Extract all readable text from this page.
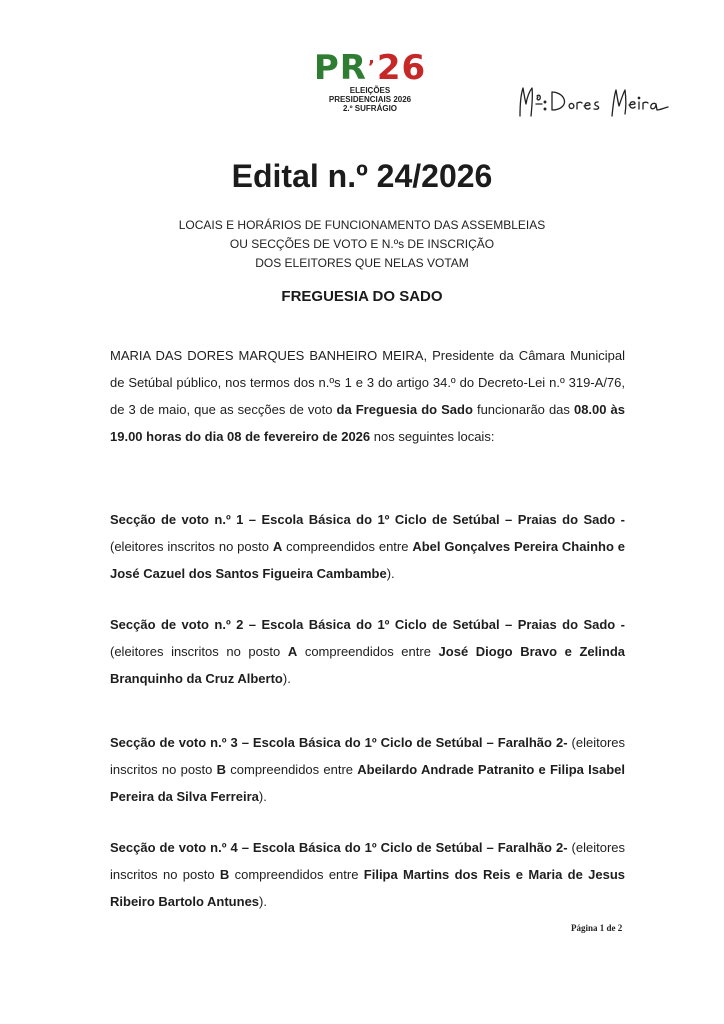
PR’26
ELEIÇÕES
PRESIDENCIAIS 2026
2.º SUFRÁGIO
Edital n.º 24/2026
LOCAIS E HORÁRIOS DE FUNCIONAMENTO DAS ASSEMBLEIAS
OU SECÇÕES DE VOTO E N.ºs DE INSCRIÇÃO
DOS ELEITORES QUE NELAS VOTAM
FREGUESIA DO SADO
MARIA DAS DORES MARQUES BANHEIRO MEIRA, Presidente da Câmara Municipal de Setúbal público, nos termos dos n.ºs 1 e 3 do artigo 34.º do Decreto-Lei n.º 319-A/76, de 3 de maio, que as secções de voto da Freguesia do Sado funcionarão das 08.00 às 19.00 horas do dia 08 de fevereiro de 2026 nos seguintes locais:
Secção de voto n.º 1 – Escola Básica do 1º Ciclo de Setúbal – Praias do Sado - (eleitores inscritos no posto A compreendidos entre Abel Gonçalves Pereira Chainho e José Cazuel dos Santos Figueira Cambambe).
Secção de voto n.º 2 – Escola Básica do 1º Ciclo de Setúbal – Praias do Sado - (eleitores inscritos no posto A compreendidos entre José Diogo Bravo e Zelinda Branquinho da Cruz Alberto).
Secção de voto n.º 3 – Escola Básica do 1º Ciclo de Setúbal – Faralhão 2- (eleitores inscritos no posto B compreendidos entre Abeilardo Andrade Patranito e Filipa Isabel Pereira da Silva Ferreira).
Secção de voto n.º 4 – Escola Básica do 1º Ciclo de Setúbal – Faralhão 2- (eleitores inscritos no posto B compreendidos entre Filipa Martins dos Reis e Maria de Jesus Ribeiro Bartolo Antunes).
Página 1 de 2
